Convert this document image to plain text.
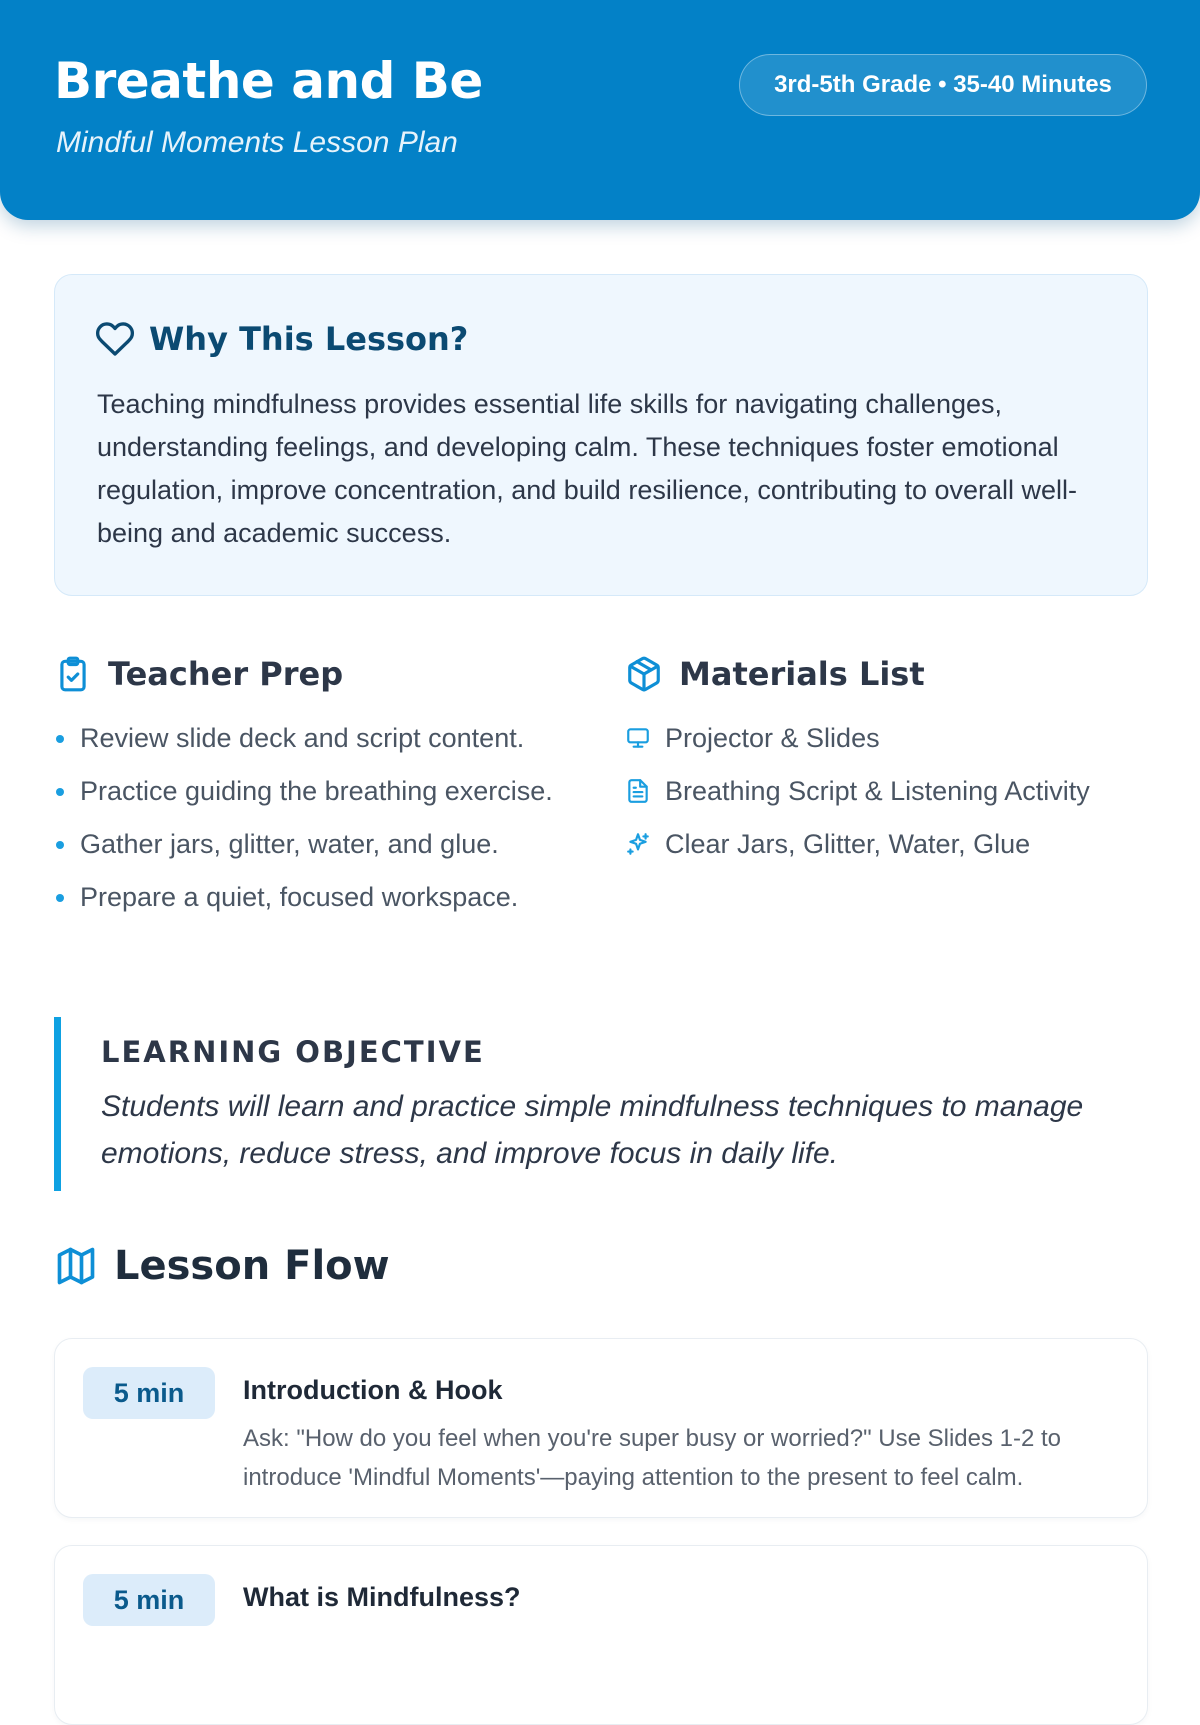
Breathe and Be
Mindful Moments Lesson Plan
3rd-5th Grade • 35-40 Minutes
Why This Lesson?

Teaching mindfulness provides essential life skills for navigating challenges, understanding feelings, and developing calm. These techniques foster emotional regulation, improve concentration, and build resilience, contributing to overall well-being and academic success.

Teacher Prep
Review slide deck and script content.
Practice guiding the breathing exercise.
Gather jars, glitter, water, and glue.
Prepare a quiet, focused workspace.
Materials List
Projector & Slides
Breathing Script & Listening Activity
Clear Jars, Glitter, Water, Glue
LEARNING OBJECTIVE
Students will learn and practice simple mindfulness techniques to manage emotions, reduce stress, and improve focus in daily life.
Lesson Flow
5 min	Introduction & Hook
Ask: "How do you feel when you're super busy or worried?" Use Slides 1-2 to introduce 'Mindful Moments'—paying attention to the present to feel calm.
5 min	What is Mindfulness?
